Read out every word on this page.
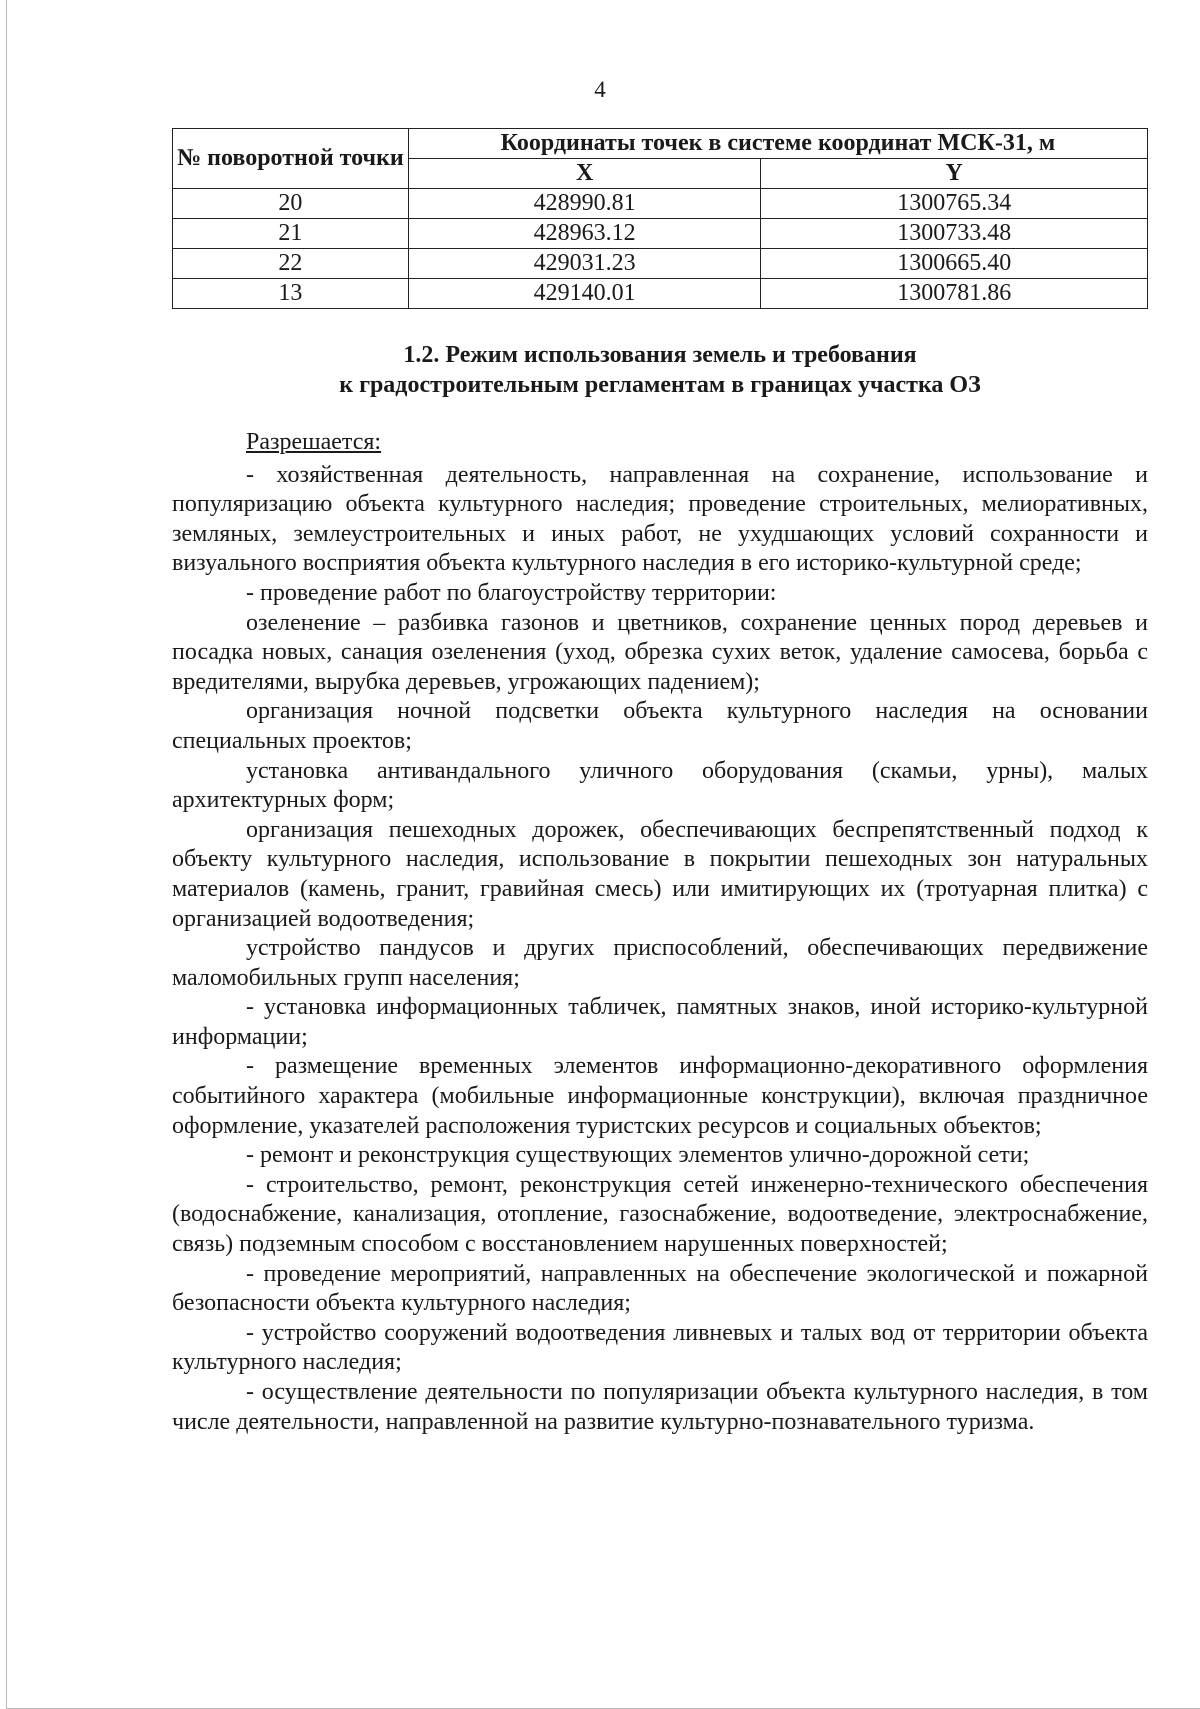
4
№ поворотной точки	Координаты точек в системе координат МСК-31, м	
	X	Y
20	428990.81	1300765.34
21	428963.12	1300733.48
22	429031.23	1300665.40
13	429140.01	1300781.86
1.2. Режим использования земель и требования
к градостроительным регламентам в границах участка ОЗ
Разрешается:

- хозяйственная деятельность, направленная на сохранение, использование и популяризацию объекта культурного наследия; проведение строительных, мелиоративных, земляных, землеустроительных и иных работ, не ухудшающих условий сохранности и визуального восприятия объекта культурного наследия в его историко-культурной среде;

- проведение работ по благоустройству территории:

озеленение – разбивка газонов и цветников, сохранение ценных пород деревьев и посадка новых, санация озеленения (уход, обрезка сухих веток, удаление самосева, борьба с вредителями, вырубка деревьев, угрожающих падением);

организация ночной подсветки объекта культурного наследия на основании специальных проектов;

установка антивандального уличного оборудования (скамьи, урны), малых архитектурных форм;

организация пешеходных дорожек, обеспечивающих беспрепятственный подход к объекту культурного наследия, использование в покрытии пешеходных зон натуральных материалов (камень, гранит, гравийная смесь) или имитирующих их (тротуарная плитка) с организацией водоотведения;

устройство пандусов и других приспособлений, обеспечивающих передвижение маломобильных групп населения;

- установка информационных табличек, памятных знаков, иной историко-культурной информации;

- размещение временных элементов информационно-декоративного оформления событийного характера (мобильные информационные конструкции), включая праздничное оформление, указателей расположения туристских ресурсов и социальных объектов;

- ремонт и реконструкция существующих элементов улично-дорожной сети;

- строительство, ремонт, реконструкция сетей инженерно-технического обеспечения (водоснабжение, канализация, отопление, газоснабжение, водоотведение, электроснабжение, связь) подземным способом с восстановлением нарушенных поверхностей;

- проведение мероприятий, направленных на обеспечение экологической и пожарной безопасности объекта культурного наследия;

- устройство сооружений водоотведения ливневых и талых вод от территории объекта культурного наследия;

- осуществление деятельности по популяризации объекта культурного наследия, в том числе деятельности, направленной на развитие культурно-познавательного туризма.
